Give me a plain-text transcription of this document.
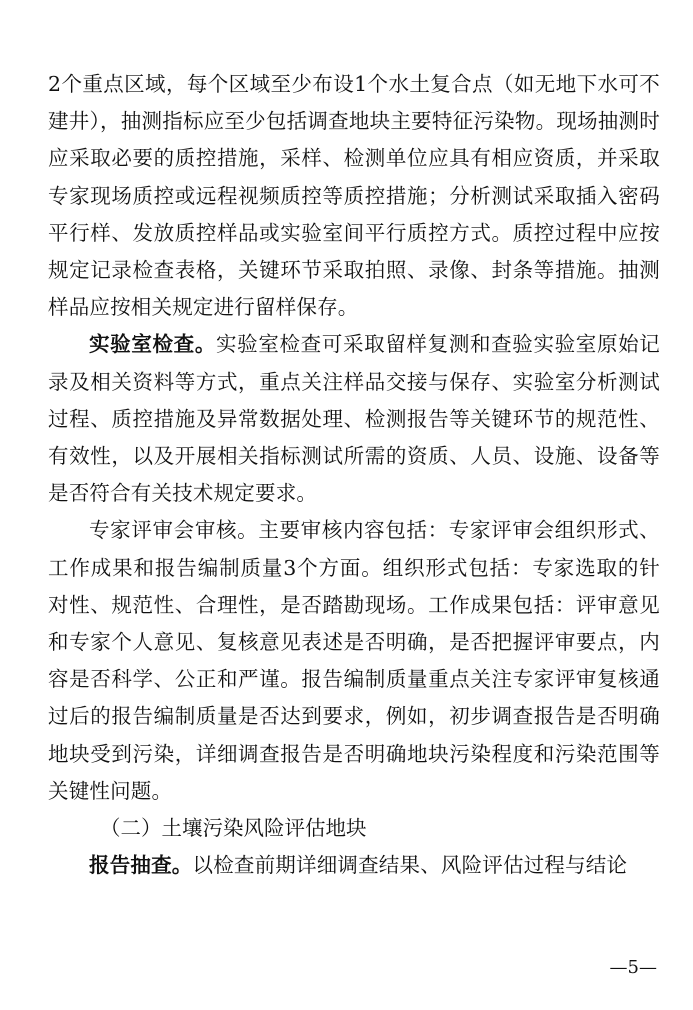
2个重点区域，每个区域至少布设1个水土复合点（如无地下水可不建井），抽测指标应至少包括调查地块主要特征污染物。现场抽测时应采取必要的质控措施，采样、检测单位应具有相应资质，并采取专家现场质控或远程视频质控等质控措施；分析测试采取插入密码平行样、发放质控样品或实验室间平行质控方式。质控过程中应按规定记录检查表格，关键环节采取拍照、录像、封条等措施。抽测样品应按相关规定进行留样保存。

实验室检查。实验室检查可采取留样复测和查验实验室原始记录及相关资料等方式，重点关注样品交接与保存、实验室分析测试过程、质控措施及异常数据处理、检测报告等关键环节的规范性、有效性，以及开展相关指标测试所需的资质、人员、设施、设备等是否符合有关技术规定要求。

专家评审会审核。主要审核内容包括：专家评审会组织形式、工作成果和报告编制质量3个方面。组织形式包括：专家选取的针对性、规范性、合理性，是否踏勘现场。工作成果包括：评审意见和专家个人意见、复核意见表述是否明确，是否把握评审要点，内容是否科学、公正和严谨。报告编制质量重点关注专家评审复核通过后的报告编制质量是否达到要求，例如，初步调查报告是否明确地块受到污染，详细调查报告是否明确地块污染程度和污染范围等关键性问题。

（二）土壤污染风险评估地块

报告抽查。以检查前期详细调查结果、风险评估过程与结论

—5—
